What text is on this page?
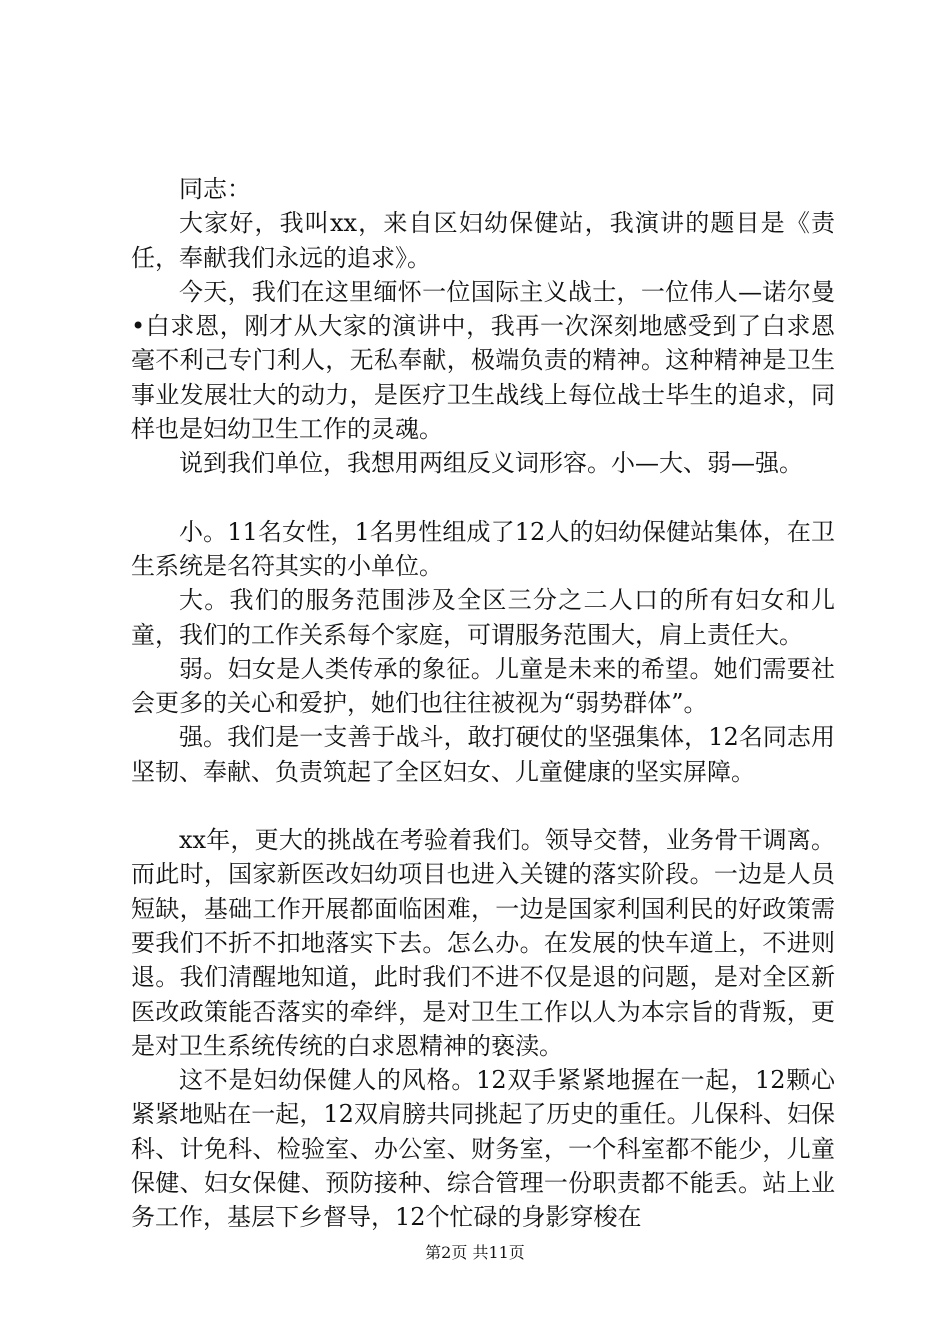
同志：

大家好，我叫xx，来自区妇幼保健站，我演讲的题目是《责任，奉献我们永远的追求》。

今天，我们在这里缅怀一位国际主义战士，一位伟人—诺尔曼•白求恩，刚才从大家的演讲中，我再一次深刻地感受到了白求恩毫不利己专门利人，无私奉献，极端负责的精神。这种精神是卫生事业发展壮大的动力，是医疗卫生战线上每位战士毕生的追求，同样也是妇幼卫生工作的灵魂。

说到我们单位，我想用两组反义词形容。小—大、弱—强。

小。11名女性，1名男性组成了12人的妇幼保健站集体，在卫生系统是名符其实的小单位。

大。我们的服务范围涉及全区三分之二人口的所有妇女和儿童，我们的工作关系每个家庭，可谓服务范围大，肩上责任大。

弱。妇女是人类传承的象征。儿童是未来的希望。她们需要社会更多的关心和爱护，她们也往往被视为“弱势群体”。

强。我们是一支善于战斗，敢打硬仗的坚强集体，12名同志用坚韧、奉献、负责筑起了全区妇女、儿童健康的坚实屏障。

xx年，更大的挑战在考验着我们。领导交替，业务骨干调离。而此时，国家新医改妇幼项目也进入关键的落实阶段。一边是人员短缺，基础工作开展都面临困难，一边是国家利国利民的好政策需要我们不折不扣地落实下去。怎么办。在发展的快车道上，不进则退。我们清醒地知道，此时我们不进不仅是退的问题，是对全区新医改政策能否落实的牵绊，是对卫生工作以人为本宗旨的背叛，更是对卫生系统传统的白求恩精神的亵渎。

这不是妇幼保健人的风格。12双手紧紧地握在一起，12颗心紧紧地贴在一起，12双肩膀共同挑起了历史的重任。儿保科、妇保科、计免科、检验室、办公室、财务室，一个科室都不能少，儿童保健、妇女保健、预防接种、综合管理一份职责都不能丢。站上业务工作，基层下乡督导，12个忙碌的身影穿梭在

第2页 共11页
